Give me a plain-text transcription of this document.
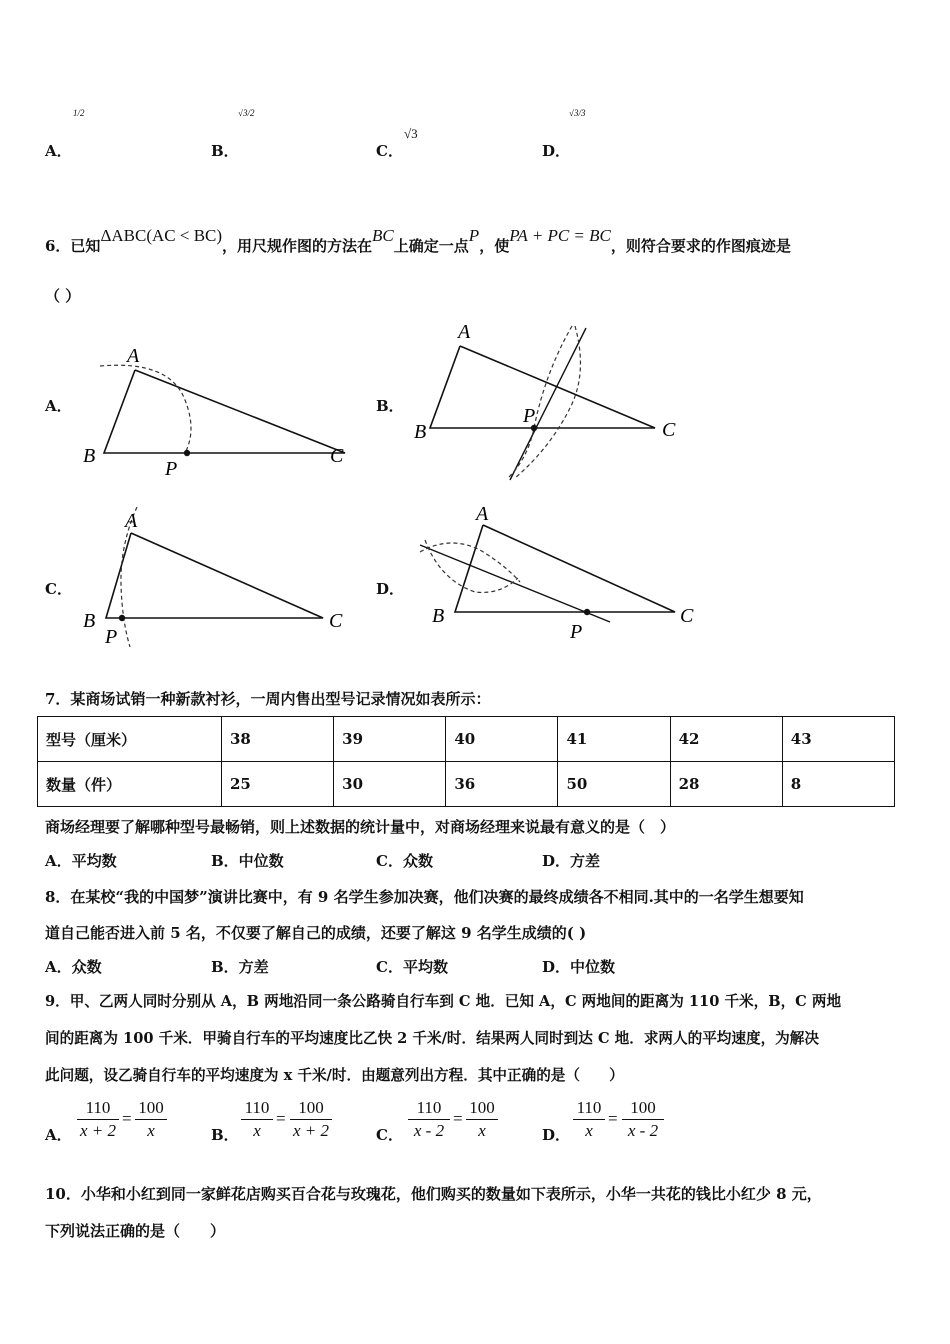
A．
1/2
B．
√3/2
C．
√3
D．
√3/3
6．已知ΔABC(AC < BC)，用尺规作图的方法在BC上确定一点P，使PA + PC = BC，则符合要求的作图痕迹是
（ ）
A．	B．
C．	D．
A
B	C
P
A
B	C
P
A
B	C
P
A
B	C
P
7．某商场试销一种新款衬衫，一周内售出型号记录情况如表所示：
型号（厘米）	38	39	40	41	42	43
数量（件）	25	30	36	50	28	8
商场经理要了解哪种型号最畅销，则上述数据的统计量中，对商场经理来说最有意义的是（　）
A．平均数	B．中位数	C．众数	D．方差
8．在某校“我的中国梦”演讲比赛中，有 9 名学生参加决赛，他们决赛的最终成绩各不相同.其中的一名学生想要知
道自己能否进入前 5 名，不仅要了解自己的成绩，还要了解这 9 名学生成绩的( )
A．众数	B．方差	C．平均数	D．中位数
9．甲、乙两人同时分别从 A，B 两地沿同一条公路骑自行车到 C 地．已知 A，C 两地间的距离为 110 千米，B，C 两地
间的距离为 100 千米．甲骑自行车的平均速度比乙快 2 千米/时．结果两人同时到达 C 地．求两人的平均速度，为解决
此问题，设乙骑自行车的平均速度为 x 千米/时．由题意列出方程．其中正确的是（　　）
A． $\frac{110}{x + 2} = \frac{100}{x}$	B． $\frac{110}{x} = \frac{100}{x + 2}$	C． $\frac{110}{x - 2} = \frac{100}{x}$	D． $\frac{110}{x} = \frac{100}{x - 2}$
10．小华和小红到同一家鲜花店购买百合花与玫瑰花，他们购买的数量如下表所示，小华一共花的钱比小红少 8 元，
下列说法正确的是（　　）
